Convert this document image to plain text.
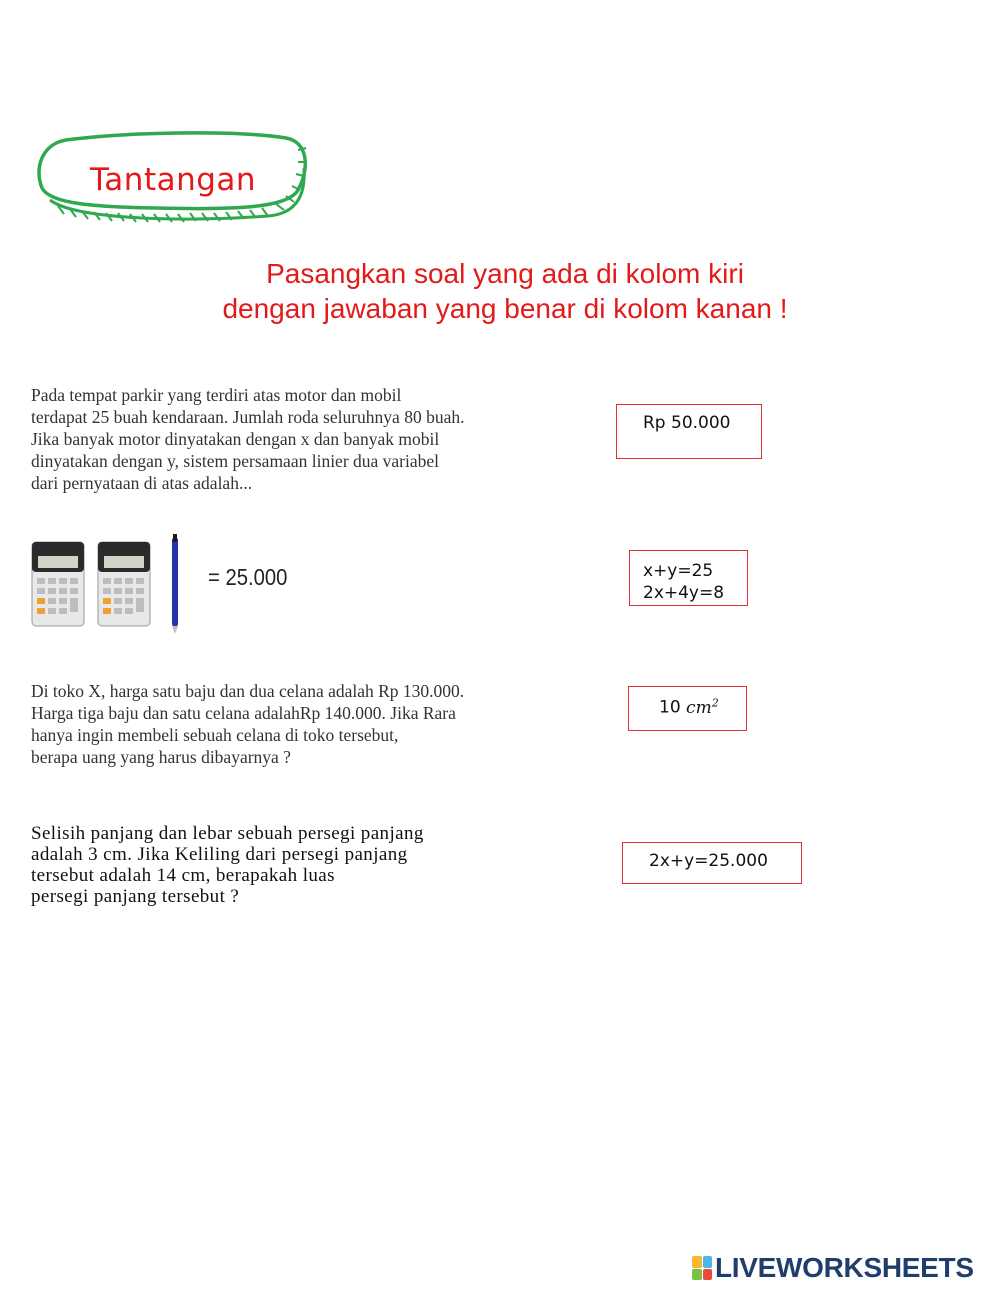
Tantangan
Pasangkan soal yang ada di kolom kiri
dengan jawaban yang benar di kolom kanan !
Pada tempat parkir yang terdiri atas motor dan mobil
terdapat 25 buah kendaraan. Jumlah roda seluruhnya 80 buah.
Jika banyak motor dinyatakan dengan x dan banyak mobil
dinyatakan dengan y, sistem persamaan linier dua variabel
dari pernyataan di atas adalah...
= 25.000
Di toko X, harga satu baju dan dua celana adalah Rp 130.000.
Harga tiga baju dan satu celana adalahRp 140.000. Jika Rara
hanya ingin membeli sebuah celana di toko tersebut,
berapa uang yang harus dibayarnya ?
Selisih panjang dan lebar sebuah persegi panjang
adalah 3 cm. Jika Keliling dari persegi panjang
tersebut adalah 14 cm, berapakah luas
persegi panjang tersebut ?
Rp 50.000
x+y=25
2x+4y=8
10 $cm^2$
2x+y=25.000
LIVEWORKSHEETS
